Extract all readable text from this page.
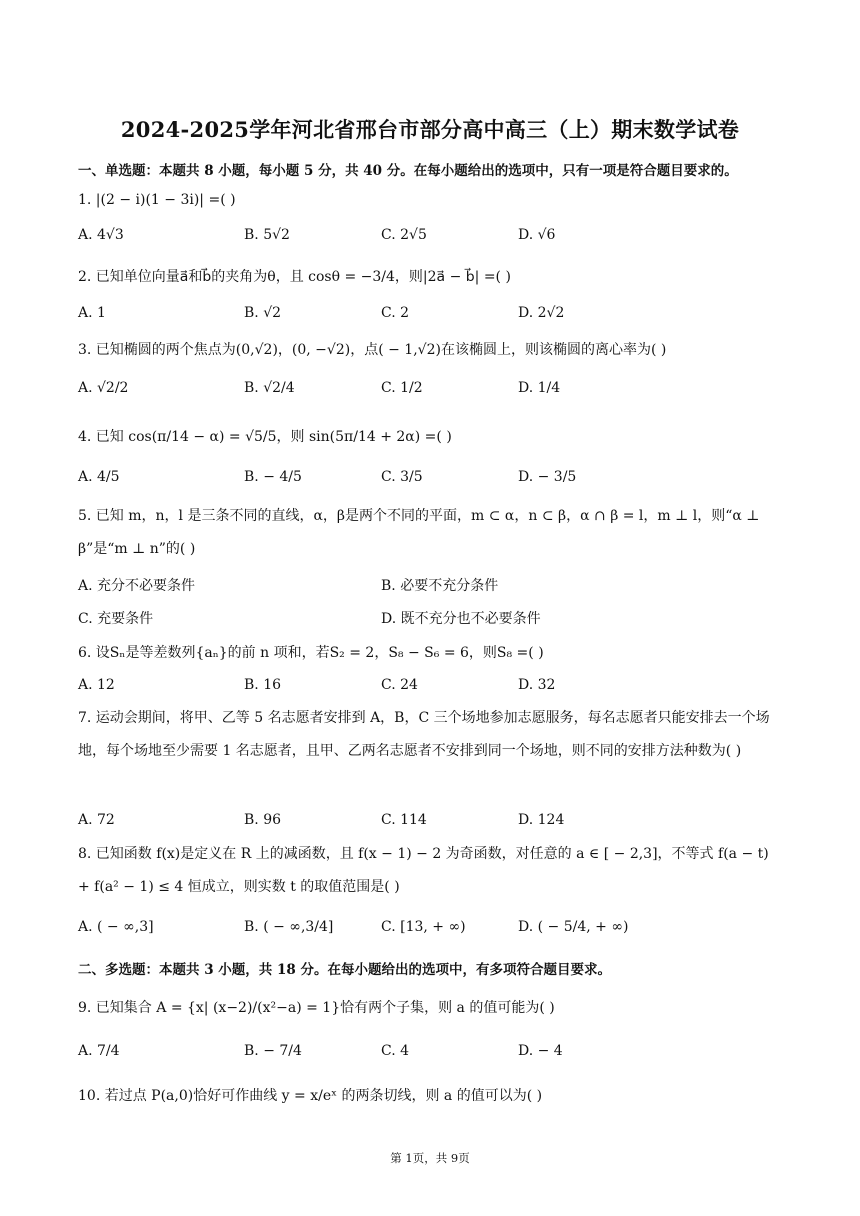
2024-2025学年河北省邢台市部分高中高三（上）期末数学试卷
一、单选题：本题共 8 小题，每小题 5 分，共 40 分。在每小题给出的选项中，只有一项是符合题目要求的。
1. |(2 − i)(1 − 3i)| =( )
A. 4√3	B. 5√2	C. 2√5	D. √6
2. 已知单位向量a⃗和b⃗的夹角为θ，且 cosθ = −3/4，则|2a⃗ − b⃗| =( )
A. 1	B. √2	C. 2	D. 2√2
3. 已知椭圆的两个焦点为(0,√2)，(0, −√2)，点( − 1,√2)在该椭圆上，则该椭圆的离心率为( )
A. √2/2	B. √2/4	C. 1/2	D. 1/4
4. 已知 cos(π/14 − α) = √5/5，则 sin(5π/14 + 2α) =( )
A. 4/5	B. − 4/5	C. 3/5	D. − 3/5
5. 已知 m，n，l 是三条不同的直线，α，β是两个不同的平面，m ⊂ α，n ⊂ β，α ∩ β = l，m ⊥ l，则“α ⊥ β”是“m ⊥ n”的( )
A. 充分不必要条件	B. 必要不充分条件
C. 充要条件	D. 既不充分也不必要条件
6. 设Sₙ是等差数列{aₙ}的前 n 项和，若S₂ = 2，S₈ − S₆ = 6，则S₈ =( )
A. 12	B. 16	C. 24	D. 32
7. 运动会期间，将甲、乙等 5 名志愿者安排到 A，B，C 三个场地参加志愿服务，每名志愿者只能安排去一个场地，每个场地至少需要 1 名志愿者，且甲、乙两名志愿者不安排到同一个场地，则不同的安排方法种数为( )
A. 72	B. 96	C. 114	D. 124
8. 已知函数 f(x)是定义在 R 上的减函数，且 f(x − 1) − 2 为奇函数，对任意的 a ∈ [ − 2,3]，不等式 f(a − t) + f(a² − 1) ≤ 4 恒成立，则实数 t 的取值范围是( )
A. ( − ∞,3]	B. ( − ∞,3/4]	C. [13, + ∞)	D. ( − 5/4, + ∞)
二、多选题：本题共 3 小题，共 18 分。在每小题给出的选项中，有多项符合题目要求。
9. 已知集合 A = {x| (x−2)/(x²−a) = 1}恰有两个子集，则 a 的值可能为( )
A. 7/4	B. − 7/4	C. 4	D. − 4
10. 若过点 P(a,0)恰好可作曲线 y = x/eˣ 的两条切线，则 a 的值可以为( )
第 1页，共 9页
